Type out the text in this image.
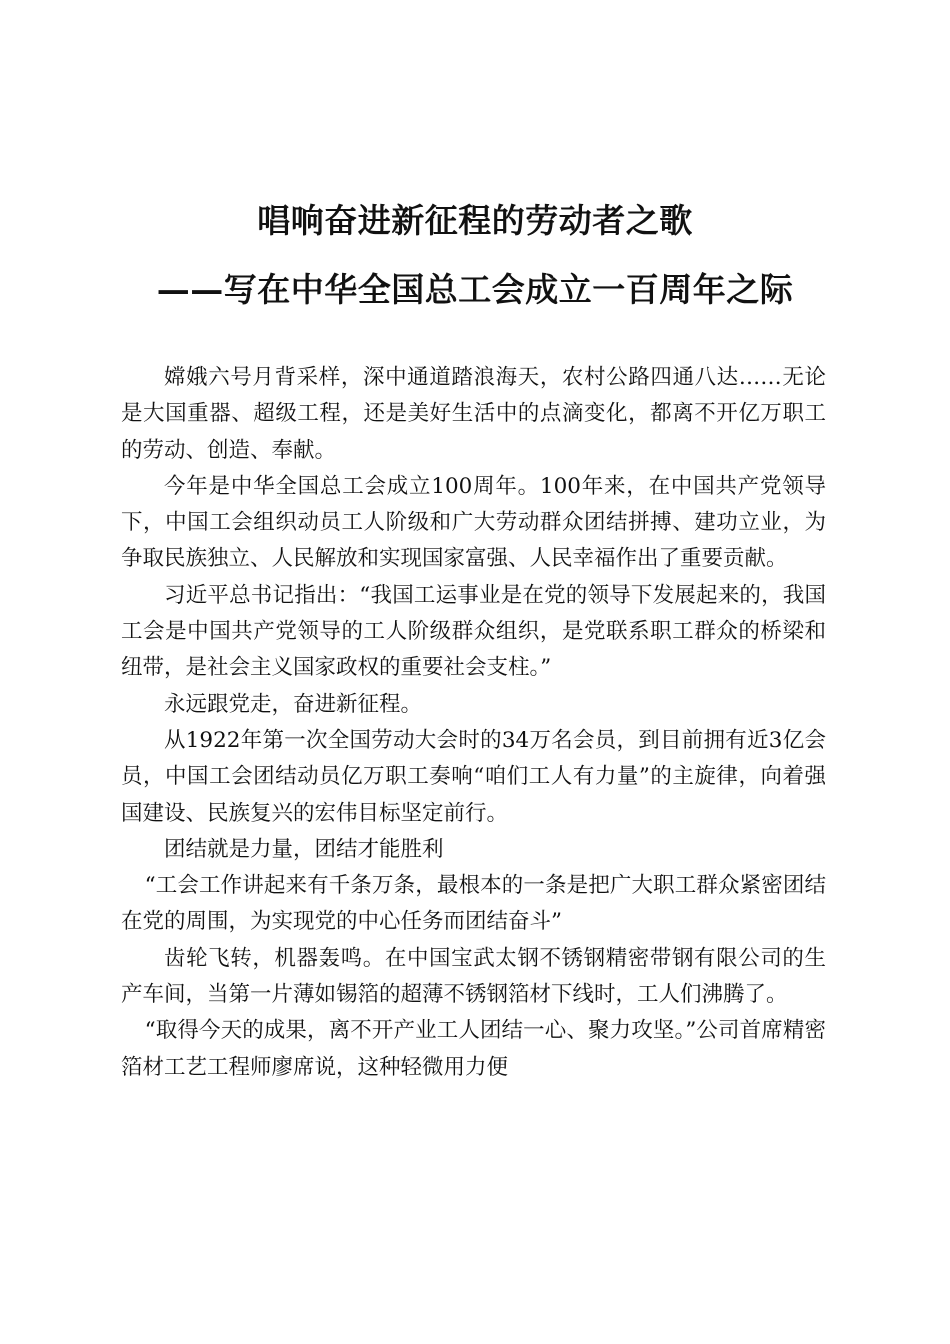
唱响奋进新征程的劳动者之歌
——写在中华全国总工会成立一百周年之际

嫦娥六号月背采样，深中通道踏浪海天，农村公路四通八达……无论是大国重器、超级工程，还是美好生活中的点滴变化，都离不开亿万职工的劳动、创造、奉献。

今年是中华全国总工会成立100周年。100年来，在中国共产党领导下，中国工会组织动员工人阶级和广大劳动群众团结拼搏、建功立业，为争取民族独立、人民解放和实现国家富强、人民幸福作出了重要贡献。

习近平总书记指出：“我国工运事业是在党的领导下发展起来的，我国工会是中国共产党领导的工人阶级群众组织，是党联系职工群众的桥梁和纽带，是社会主义国家政权的重要社会支柱。”

永远跟党走，奋进新征程。

从1922年第一次全国劳动大会时的34万名会员，到目前拥有近3亿会员，中国工会团结动员亿万职工奏响“咱们工人有力量”的主旋律，向着强国建设、民族复兴的宏伟目标坚定前行。

团结就是力量，团结才能胜利

“工会工作讲起来有千条万条，最根本的一条是把广大职工群众紧密团结在党的周围，为实现党的中心任务而团结奋斗”

齿轮飞转，机器轰鸣。在中国宝武太钢不锈钢精密带钢有限公司的生产车间，当第一片薄如锡箔的超薄不锈钢箔材下线时，工人们沸腾了。

“取得今天的成果，离不开产业工人团结一心、聚力攻坚。”公司首席精密箔材工艺工程师廖席说，这种轻微用力便
